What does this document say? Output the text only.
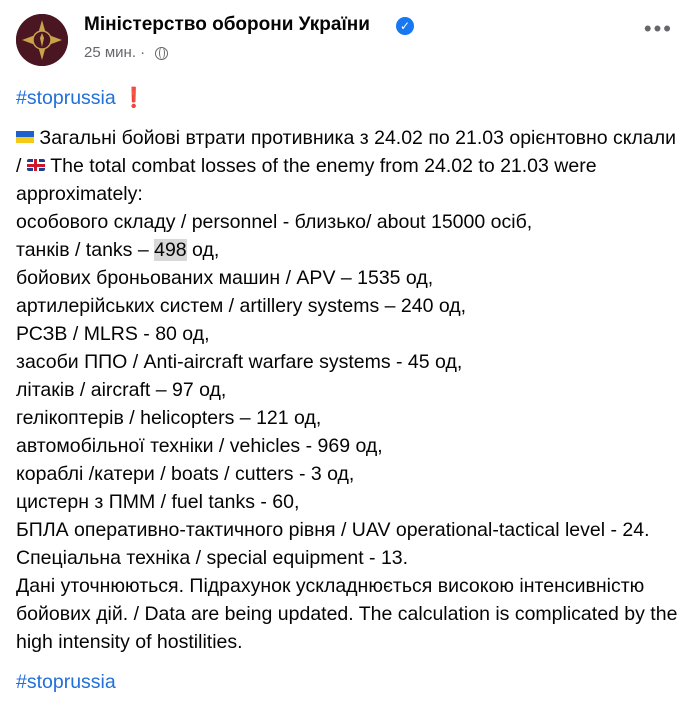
Міністерство оборони України	✓
25 мин. ·
•••
#stoprussia ❗
Загальні бойові втрати противника з 24.02 по 21.03 орієнтовно склали /  The total combat losses of the enemy from 24.02 to 21.03 were approximately:
особового складу / personnel - близько/ about 15000 осіб,
танків / tanks – 498 од,
бойових броньованих машин / APV – 1535 од,
артилерійських систем / artillery systems – 240 од,
РСЗВ / MLRS - 80 од,
засоби ППО / Anti-aircraft warfare systems - 45 од,
літаків / aircraft – 97 од,
гелікоптерів / helicopters – 121 од,
автомобільної техніки / vehicles - 969 од,
кораблі /катери / boats / cutters - 3 од,
цистерн з ПММ / fuel tanks - 60,
БПЛА оперативно-тактичного рівня / UAV operational-tactical level - 24.
Спеціальна техніка / special equipment - 13.
Дані уточнюються. Підрахунок ускладнюється високою інтенсивністю бойових дій. / Data are being updated. The calculation is complicated by the high intensity of hostilities.
#stoprussia
